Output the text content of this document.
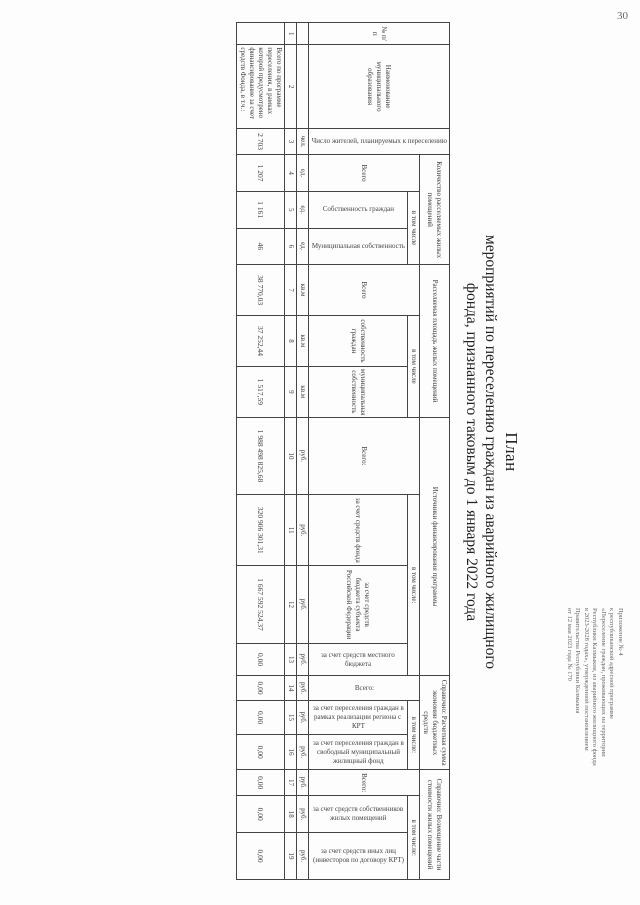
30
Приложение № 4
к республиканской адресной программе
«Переселение граждан, проживающих на территории
Республики Калмыкия, из аварийного жилищного фонда
в 2023-2028 годах», утвержденной постановлением
Правительства Республики Калмыкия
от 12 мая 2023 года № 170
План
мероприятий по переселению граждан из аварийного жилищного
фонда, признанного таковым до 1 января 2022 года
№ п/п	Наименование муниципального образования	Число жителей, планируемых к переселению	Количество расселяемых жилых помещений			Расселяемая площадь жилых помещений			Источники финансирования программы				Справочно: Расчетная сумма экономии бюджетных средств			Справочно: Возмещение части стоимости жилых помещений		
			Всего	в том числе		Всего	в том числе		Всего:	в том числе:			Всего:	в том числе:		Всего:	в том числе:	

				Собственность граждан	Муниципальная собственность		собственность граждан	муниципальная собственность		за счет средств фонда	за счет средств бюджета субъекта Российской Федерации	за счет средств местного бюджета		за счет переселения граждан в рамках реализации региона с КРТ	за счет переселения граждан в свободный муниципальный жилищный фонд		за счет средств собственников жилых помещений	за счет средств иных лиц (инвесторов по договору КРТ)

		чел.	ед.	ед.	ед.	кв.м	кв.м	кв.м	руб.	руб.	руб.	руб.	руб.	руб.	руб.	руб.	руб.	руб.
1	2	3	4	5	6	7	8	9	10	11	12	13	14	15	16	17	18	19
	Всего по программе переселения, в рамках которой предусмотрено финансирование за счет средств Фонда, в т.ч.:	2 703	1 207	1 161	46	38 770,03	37 252,44	1 517,59	1 988 498 825,68	320 906 301,31	1 667 592 524,37	0,00	0,00	0,00	0,00	0,00	0,00	0,00
